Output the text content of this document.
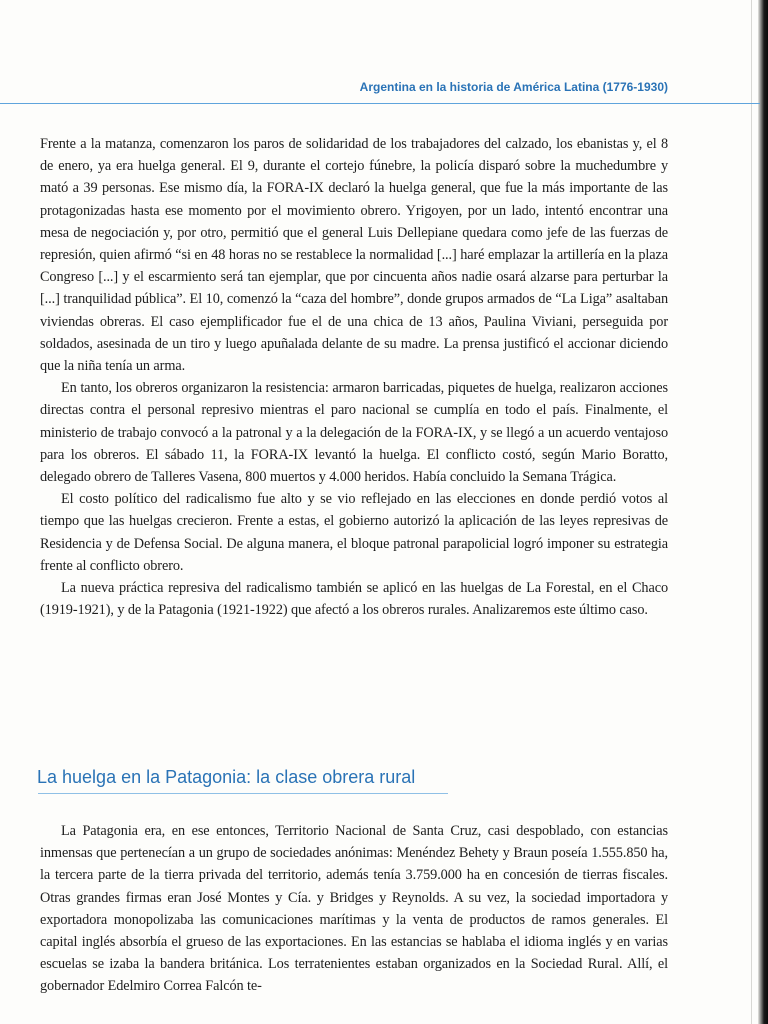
Argentina en la historia de América Latina (1776-1930)

Frente a la matanza, comenzaron los paros de solidaridad de los trabajadores del calzado, los ebanistas y, el 8 de enero, ya era huelga general. El 9, durante el cortejo fúnebre, la policía disparó sobre la muchedumbre y mató a 39 personas. Ese mismo día, la FORA-IX declaró la huelga general, que fue la más importante de las protagonizadas hasta ese momento por el movimiento obrero. Yrigoyen, por un lado, intentó encontrar una mesa de negociación y, por otro, permitió que el general Luis Dellepiane quedara como jefe de las fuerzas de represión, quien afirmó “si en 48 horas no se restablece la normalidad [...] haré emplazar la artillería en la plaza Congreso [...] y el escarmiento será tan ejemplar, que por cincuenta años nadie osará alzarse para perturbar la [...] tranquilidad pública”. El 10, comenzó la “caza del hombre”, donde grupos armados de “La Liga” asaltaban viviendas obreras. El caso ejemplificador fue el de una chica de 13 años, Paulina Viviani, perseguida por soldados, asesinada de un tiro y luego apuñalada delante de su madre. La prensa justificó el accionar diciendo que la niña tenía un arma.

En tanto, los obreros organizaron la resistencia: armaron barricadas, piquetes de huelga, realizaron acciones directas contra el personal represivo mientras el paro nacional se cumplía en todo el país. Finalmente, el ministerio de trabajo convocó a la patronal y a la delegación de la FORA-IX, y se llegó a un acuerdo ventajoso para los obreros. El sábado 11, la FORA-IX levantó la huelga. El conflicto costó, según Mario Boratto, delegado obrero de Talleres Vasena, 800 muertos y 4.000 heridos. Había concluido la Semana Trágica.

El costo político del radicalismo fue alto y se vio reflejado en las elecciones en donde perdió votos al tiempo que las huelgas crecieron. Frente a estas, el gobierno autorizó la aplicación de las leyes represivas de Residencia y de Defensa Social. De alguna manera, el bloque patronal parapolicial logró imponer su estrategia frente al conflicto obrero.

La nueva práctica represiva del radicalismo también se aplicó en las huelgas de La Forestal, en el Chaco (1919-1921), y de la Patagonia (1921-1922) que afectó a los obreros rurales. Analizaremos este último caso.

La huelga en la Patagonia: la clase obrera rural

La Patagonia era, en ese entonces, Territorio Nacional de Santa Cruz, casi despoblado, con estancias inmensas que pertenecían a un grupo de sociedades anónimas: Menéndez Behety y Braun poseía 1.555.850 ha, la tercera parte de la tierra privada del territorio, además tenía 3.759.000 ha en concesión de tierras fiscales. Otras grandes firmas eran José Montes y Cía. y Bridges y Reynolds. A su vez, la sociedad importadora y exportadora monopolizaba las comunicaciones marítimas y la venta de productos de ramos generales. El capital inglés absorbía el grueso de las exportaciones. En las estancias se hablaba el idioma inglés y en varias escuelas se izaba la bandera británica. Los terratenientes estaban organizados en la Sociedad Rural. Allí, el gobernador Edelmiro Correa Falcón te-
